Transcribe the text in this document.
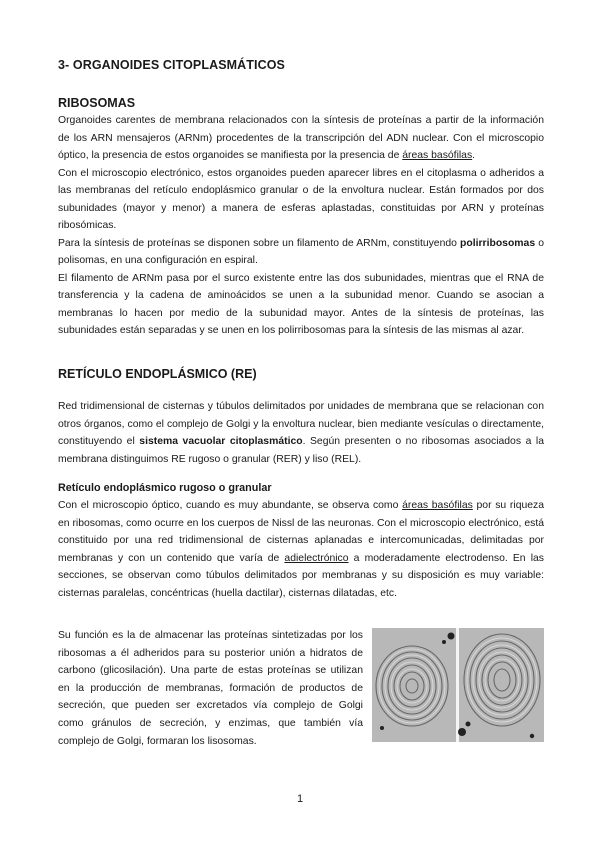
3- ORGANOIDES CITOPLASMÁTICOS
RIBOSOMAS

Organoides carentes de membrana relacionados con la síntesis de proteínas a partir de la información de los ARN mensajeros (ARNm) procedentes de la transcripción del ADN nuclear. Con el microscopio óptico, la presencia de estos organoides se manifiesta por la presencia de áreas basófilas.

Con el microscopio electrónico, estos organoides pueden aparecer libres en el citoplasma o adheridos a las membranas del retículo endoplásmico granular o de la envoltura nuclear. Están formados por dos subunidades (mayor y menor) a manera de esferas aplastadas, constituidas por ARN y proteínas ribosómicas.

Para la síntesis de proteínas se disponen sobre un filamento de ARNm, constituyendo polirribosomas o polisomas, en una configuración en espiral.

El filamento de ARNm pasa por el surco existente entre las dos subunidades, mientras que el RNA de transferencia y la cadena de aminoácidos se unen a la subunidad menor. Cuando se asocian a membranas lo hacen por medio de la subunidad mayor. Antes de la síntesis de proteínas, las subunidades están separadas y se unen en los polirribosomas para la síntesis de las mismas al azar.

RETÍCULO ENDOPLÁSMICO (RE)

Red tridimensional de cisternas y túbulos delimitados por unidades de membrana que se relacionan con otros órganos, como el complejo de Golgi y la envoltura nuclear, bien mediante vesículas o directamente, constituyendo el sistema vacuolar citoplasmático. Según presenten o no ribosomas asociados a la membrana distinguimos RE rugoso o granular (RER) y liso (REL).

Retículo endoplásmico rugoso o granular

Con el microscopio óptico, cuando es muy abundante, se observa como áreas basófilas por su riqueza en ribosomas, como ocurre en los cuerpos de Nissl de las neuronas. Con el microscopio electrónico, está constituido por una red tridimensional de cisternas aplanadas e intercomunicadas, delimitadas por membranas y con un contenido que varía de adielectrónico a moderadamente electrodenso. En las secciones, se observan como túbulos delimitados por membranas y su disposición es muy variable: cisternas paralelas, concéntricas (huella dactilar), cisternas dilatadas, etc.

Su función es la de almacenar las proteínas sintetizadas por los ribosomas a él adheridos para su posterior unión a hidratos de carbono (glicosilación). Una parte de estas proteínas se utilizan en la producción de membranas, formación de productos de secreción, que pueden ser excretados vía complejo de Golgi como gránulos de secreción, y enzimas, que también vía complejo de Golgi, formaran los lisosomas.

1
